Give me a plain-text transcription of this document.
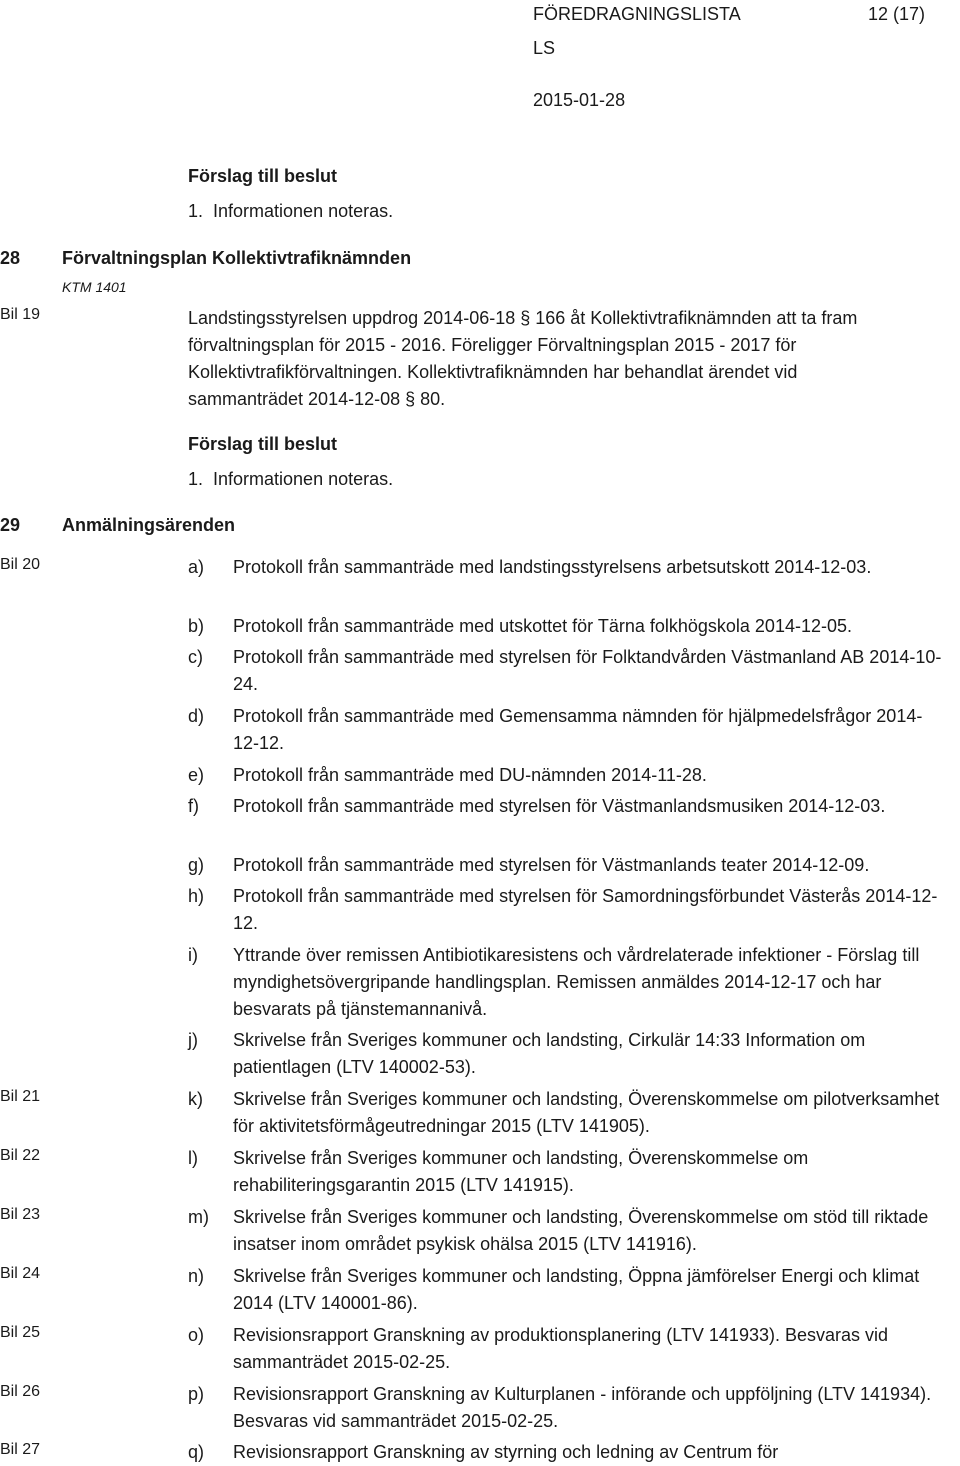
FÖREDRAGNINGSLISTA	12 (17)
LS
2015-01-28
Förslag till beslut
1.  Informationen noteras.
28 Förvaltningsplan Kollektivtrafiknämnden
KTM 1401
Bil 19	Landstingsstyrelsen uppdrog 2014-06-18 § 166 åt Kollektivtrafiknämnden att ta fram
förvaltningsplan för 2015 - 2016. Föreligger Förvaltningsplan 2015 - 2017 för
Kollektivtrafikförvaltningen. Kollektivtrafiknämnden har behandlat ärendet vid
sammanträdet 2014-12-08 § 80.
Förslag till beslut
1.  Informationen noteras.
29 Anmälningsärenden
Bil 20
Bil 21
Bil 22
Bil 23
Bil 24
Bil 25
Bil 26
Bil 27
a) Protokoll från sammanträde med landstingsstyrelsens arbetsutskott 2014-12-03.
b) Protokoll från sammanträde med utskottet för Tärna folkhögskola 2014-12-05.
c) Protokoll från sammanträde med styrelsen för Folktandvården Västmanland AB 2014-10-24.
d) Protokoll från sammanträde med Gemensamma nämnden för hjälpmedelsfrågor 2014-12-12.
e) Protokoll från sammanträde med DU-nämnden 2014-11-28.
f) Protokoll från sammanträde med styrelsen för Västmanlandsmusiken 2014-12-03.
g) Protokoll från sammanträde med styrelsen för Västmanlands teater 2014-12-09.
h) Protokoll från sammanträde med styrelsen för Samordningsförbundet Västerås 2014-12-12.
i) Yttrande över remissen Antibiotikaresistens och vårdrelaterade infektioner - Förslag till myndighetsövergripande handlingsplan. Remissen anmäldes 2014-12-17 och har besvarats på tjänstemannanivå.
j) Skrivelse från Sveriges kommuner och landsting, Cirkulär 14:33 Information om patientlagen (LTV 140002-53).
k) Skrivelse från Sveriges kommuner och landsting, Överenskommelse om pilotverksamhet för aktivitetsförmågeutredningar 2015 (LTV 141905).
l) Skrivelse från Sveriges kommuner och landsting, Överenskommelse om rehabiliteringsgarantin 2015 (LTV 141915).
m) Skrivelse från Sveriges kommuner och landsting, Överenskommelse om stöd till riktade insatser inom området psykisk ohälsa 2015 (LTV 141916).
n) Skrivelse från Sveriges kommuner och landsting, Öppna jämförelser Energi och klimat 2014 (LTV 140001-86).
o) Revisionsrapport Granskning av produktionsplanering (LTV 141933). Besvaras vid sammanträdet 2015-02-25.
p) Revisionsrapport Granskning av Kulturplanen - införande och uppföljning (LTV 141934). Besvaras vid sammanträdet 2015-02-25.
q) Revisionsrapport Granskning av styrning och ledning av Centrum för
